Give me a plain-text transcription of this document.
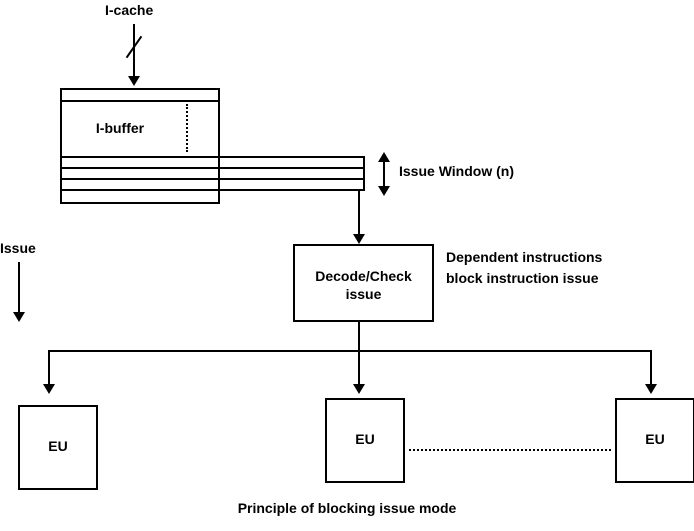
I-cache
I-buffer
Issue Window (n)
Issue
Decode/Check
issue
Dependent instructions
block instruction issue
EU	EU	EU
Principle of blocking issue mode
